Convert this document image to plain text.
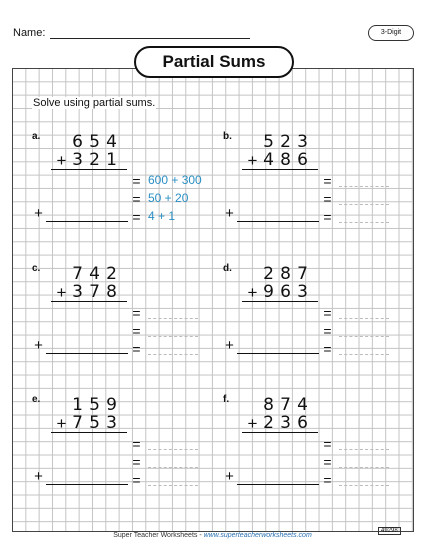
Name:	3-Digit
Partial Sums
Solve using partial sums.
a. 6 5 4
3 2 1
+
= 600 + 300
= 50 + 20
= 4 + 1
+
b. 5 2 3
4 8 6
+
=
=
=
+
c. 7 4 2
3 7 8
+
=
=
=
+
d. 2 8 7
9 6 3
+
=
=
=
+
e. 1 5 9
7 5 3
+
=
=
=
+
f. 8 7 4
2 3 6
+
=
=
=
+
Super Teacher Worksheets - www.superteacherworksheets.com
49298
